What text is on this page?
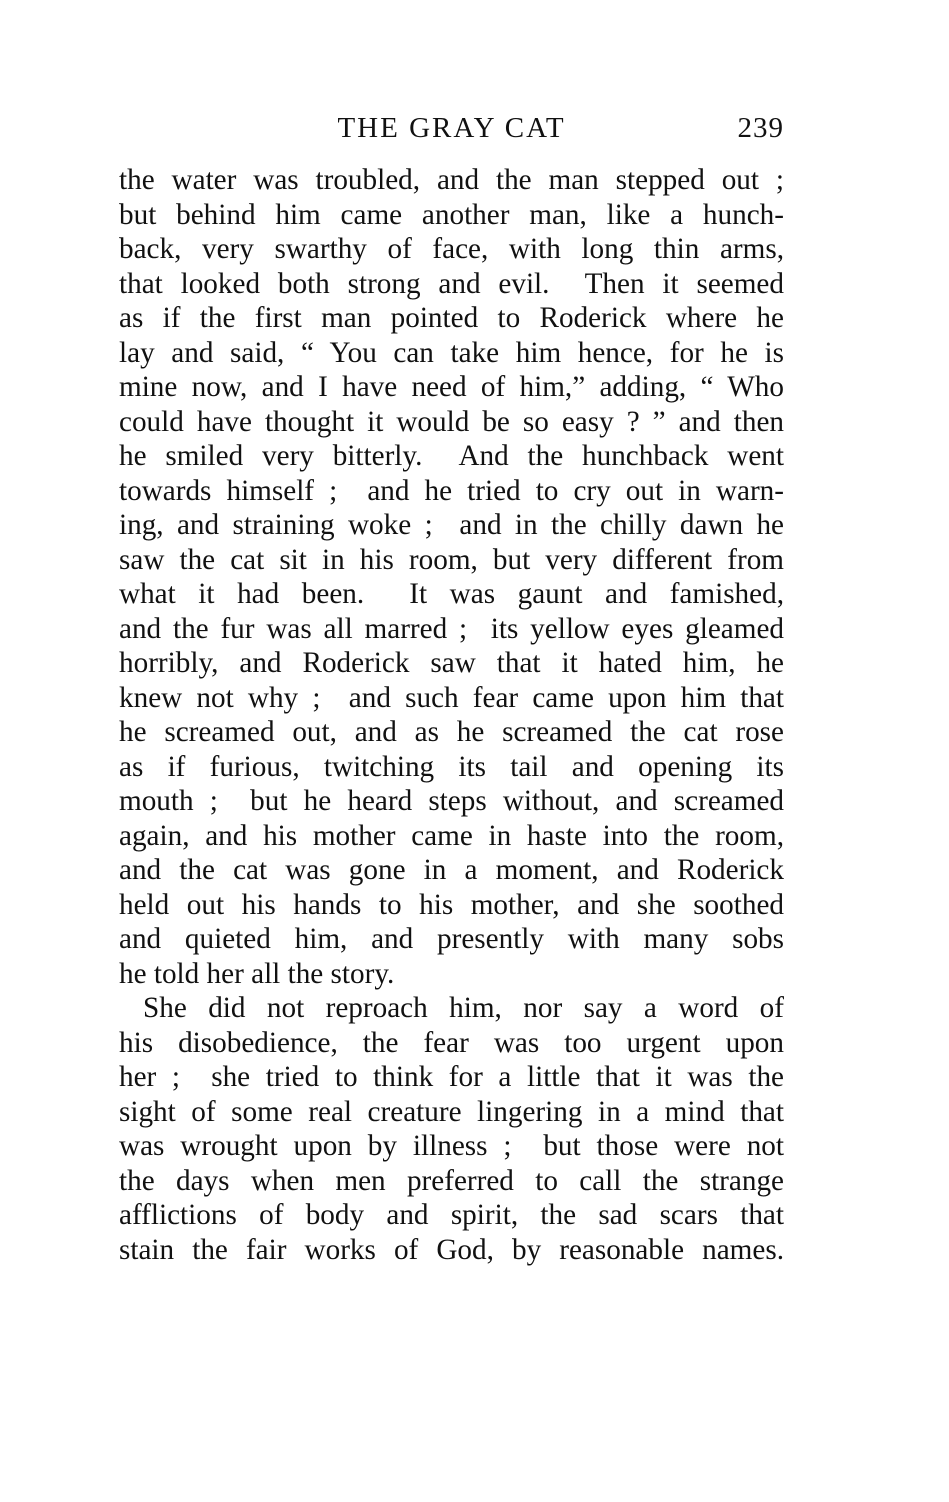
THE GRAY CAT	239
the water was troubled, and the man stepped out ;
but behind him came another man, like a hunch-
back, very swarthy of face, with long thin arms,
that looked both strong and evil.  Then it seemed
as if the first man pointed to Roderick where he
lay and said, “ You can take him hence, for he is
mine now, and I have need of him,” adding, “ Who
could have thought it would be so easy ? ” and then
he smiled very bitterly.  And the hunchback went
towards himself ;  and he tried to cry out in warn-
ing, and straining woke ;  and in the chilly dawn he
saw the cat sit in his room, but very different from
what it had been.  It was gaunt and famished,
and the fur was all marred ;  its yellow eyes gleamed
horribly, and Roderick saw that it hated him, he
knew not why ;  and such fear came upon him that
he screamed out, and as he screamed the cat rose
as if furious, twitching its tail and opening its
mouth ;  but he heard steps without, and screamed
again, and his mother came in haste into the room,
and the cat was gone in a moment, and Roderick
held out his hands to his mother, and she soothed
and quieted him, and presently with many sobs
he told her all the story.
She did not reproach him, nor say a word of
his disobedience, the fear was too urgent upon
her ;  she tried to think for a little that it was the
sight of some real creature lingering in a mind that
was wrought upon by illness ;  but those were not
the days when men preferred to call the strange
afflictions of body and spirit, the sad scars that
stain the fair works of God, by reasonable names.
